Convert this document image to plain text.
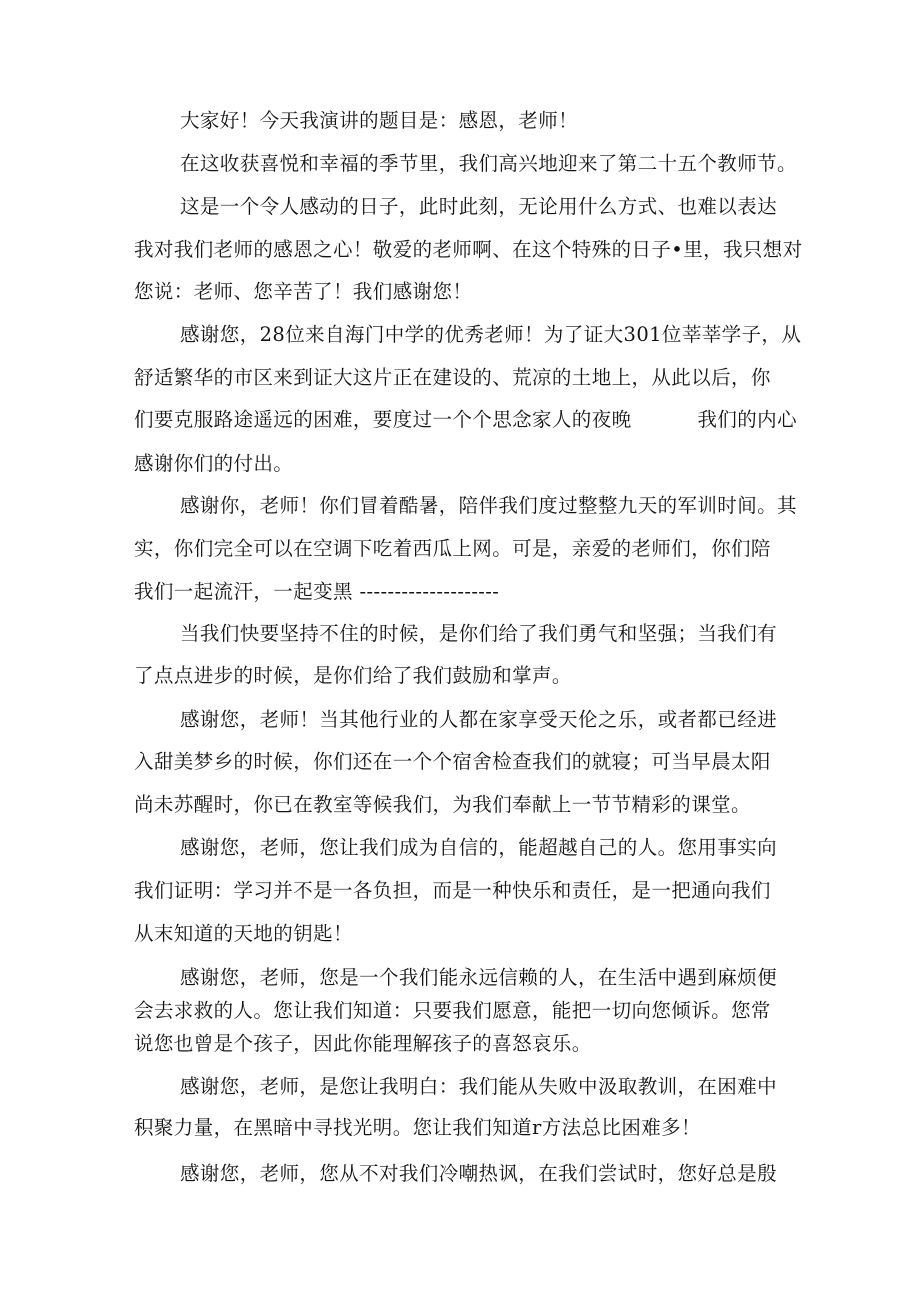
大家好！今天我演讲的题目是：感恩，老师！
在这收获喜悦和幸福的季节里，我们高兴地迎来了第二十五个教师节。
这是一个令人感动的日子，此时此刻，无论用什么方式、也难以表达
我对我们老师的感恩之心！敬爱的老师啊、在这个特殊的日子•里，我只想对
您说：老师、您辛苦了！我们感谢您！
感谢您，28位来自海门中学的优秀老师！为了证大301位莘莘学子，从
舒适繁华的市区来到证大这片正在建设的、荒凉的土地上，从此以后，你
们要克服路途遥远的困难，要度过一个个思念家人的夜晚          我们的内心
感谢你们的付出。
感谢你，老师！你们冒着酷暑，陪伴我们度过整整九天的军训时间。其
实，你们完全可以在空调下吃着西瓜上网。可是，亲爱的老师们，你们陪
我们一起流汗，一起变黑 --------------------
当我们快要坚持不住的时候，是你们给了我们勇气和坚强；当我们有
了点点进步的时候，是你们给了我们鼓励和掌声。
感谢您，老师！当其他行业的人都在家享受天伦之乐，或者都已经进
入甜美梦乡的时候，你们还在一个个宿舍检查我们的就寝；可当早晨太阳
尚未苏醒时，你已在教室等候我们，为我们奉献上一节节精彩的课堂。
感谢您，老师，您让我们成为自信的，能超越自己的人。您用事实向
我们证明：学习并不是一各负担，而是一种快乐和责任，是一把通向我们
从末知道的天地的钥匙！
感谢您，老师，您是一个我们能永远信赖的人，在生活中遇到麻烦便
会去求救的人。您让我们知道：只要我们愿意，能把一切向您倾诉。您常
说您也曾是个孩子，因此你能理解孩子的喜怒哀乐。
感谢您，老师，是您让我明白：我们能从失败中汲取教训，在困难中
积聚力量，在黑暗中寻找光明。您让我们知道r方法总比困难多！
感谢您，老师，您从不对我们冷嘲热讽，在我们尝试时，您好总是殷
